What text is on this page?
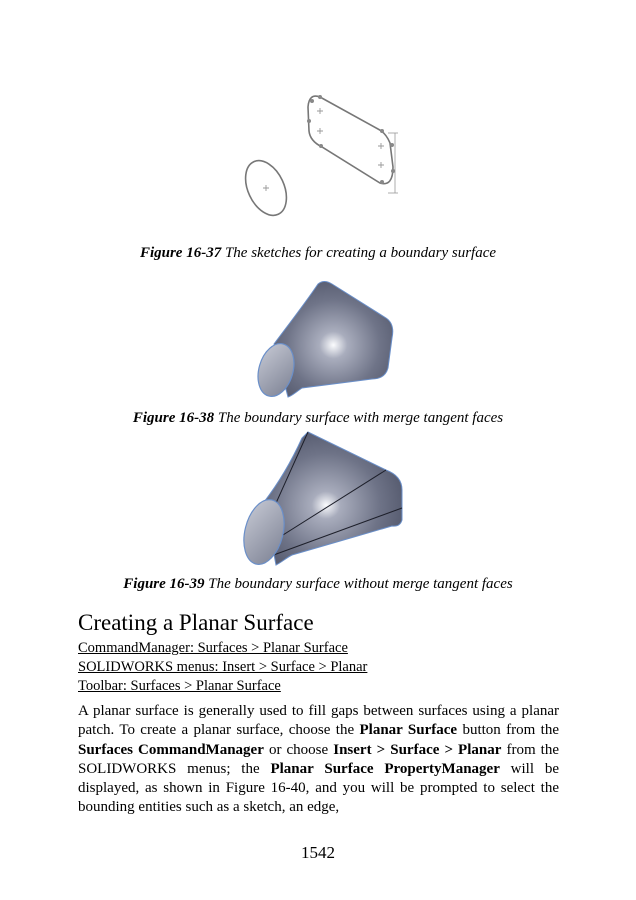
Figure 16-37 The sketches for creating a boundary surface
Figure 16-38 The boundary surface with merge tangent faces
Figure 16-39 The boundary surface without merge tangent faces
Creating a Planar Surface
CommandManager: Surfaces > Planar Surface
SOLIDWORKS menus: Insert > Surface > Planar
Toolbar: Surfaces > Planar Surface
A planar surface is generally used to fill gaps between surfaces using a planar patch. To create a planar surface, choose the Planar Surface button from the Surfaces CommandManager or choose Insert > Surface > Planar from the SOLIDWORKS menus; the Planar Surface PropertyManager will be displayed, as shown in Figure 16-40, and you will be prompted to select the bounding entities such as a sketch, an edge,
1542
